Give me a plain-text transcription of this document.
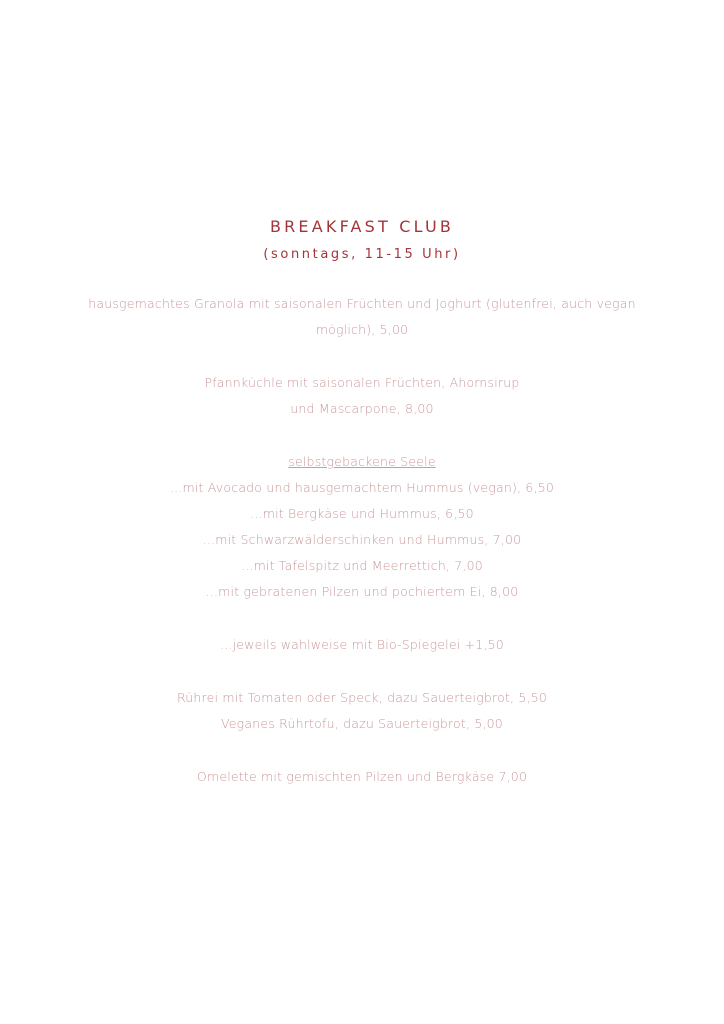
BREAKFAST CLUB

(sonntags, 11-15 Uhr)

hausgemachtes Granola mit saisonalen Früchten und Joghurt (glutenfrei, auch vegan

möglich), 5,00

Pfannküchle mit saisonalen Früchten, Ahornsirup

und Mascarpone, 8,00

selbstgebackene Seele

...mit Avocado und hausgemachtem Hummus (vegan), 6,50

...mit Bergkäse und Hummus, 6,50

...mit Schwarzwälderschinken und Hummus, 7,00

...mit Tafelspitz und Meerrettich, 7,00

...mit gebratenen Pilzen und pochiertem Ei, 8,00

...jeweils wahlweise mit Bio-Spiegelei +1,50

Rührei mit Tomaten oder Speck, dazu Sauerteigbrot, 5,50

Veganes Rührtofu, dazu Sauerteigbrot, 5,00

Omelette mit gemischten Pilzen und Bergkäse 7,00
